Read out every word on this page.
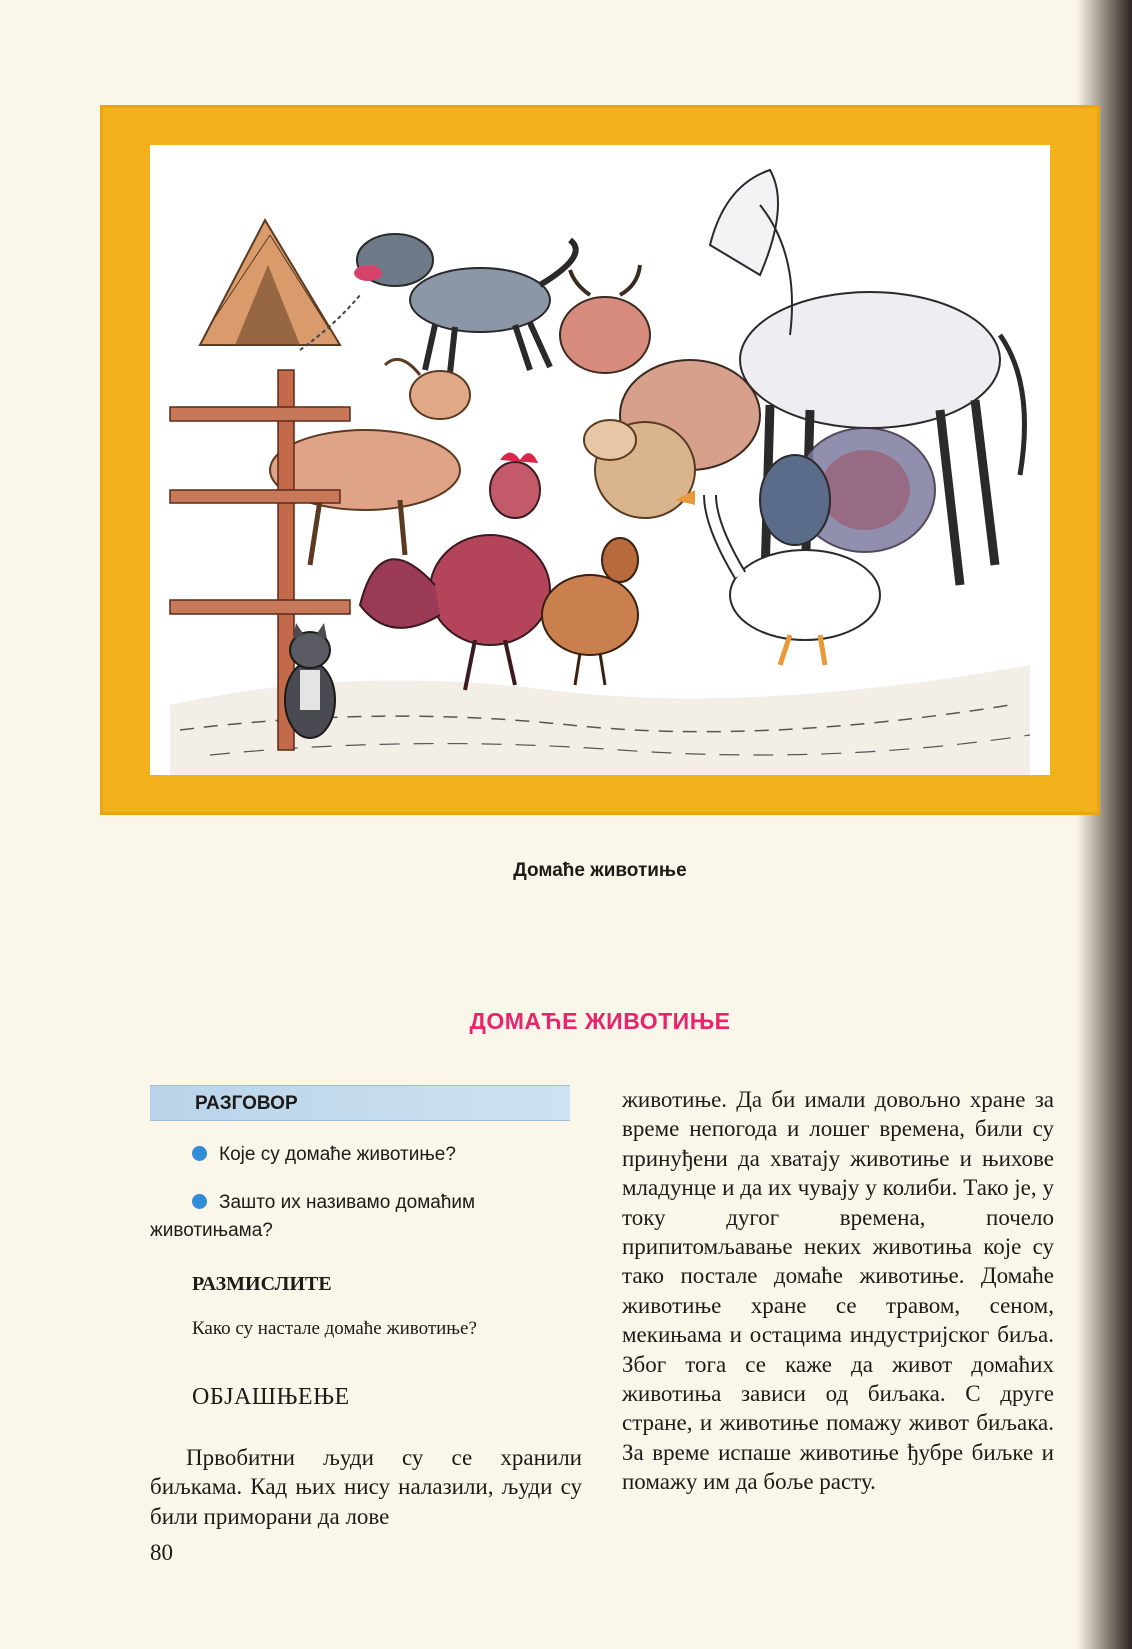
Домаће животиње
ДОМАЋЕ ЖИВОТИЊЕ
РАЗГОВОР
Које су домаће животиње?
Зашто их називамо домаћим животињама?
РАЗМИСЛИТЕ
Како су настале домаће животиње?
ОБЈАШЊЕЊЕ
Првобитни људи су се хранили биљкама. Кад њих нису налазили, људи су били приморани да лове
животиње. Да би имали довољно хране за време непогода и лошег времена, били су принуђени да хватају животиње и њихове младунце и да их чувају у колиби. Тако је, у току дугог времена, почело припитомљавање неких животиња које су тако постале домаће животиње. Домаће животиње хране се травом, сеном, мекињама и остацима индустријског биља. Због тога се каже да живот домаћих животиња зависи од биљака. С друге стране, и животиње помажу живот биљака. За време испаше животиње ђубре биљке и помажу им да боље расту.
80
